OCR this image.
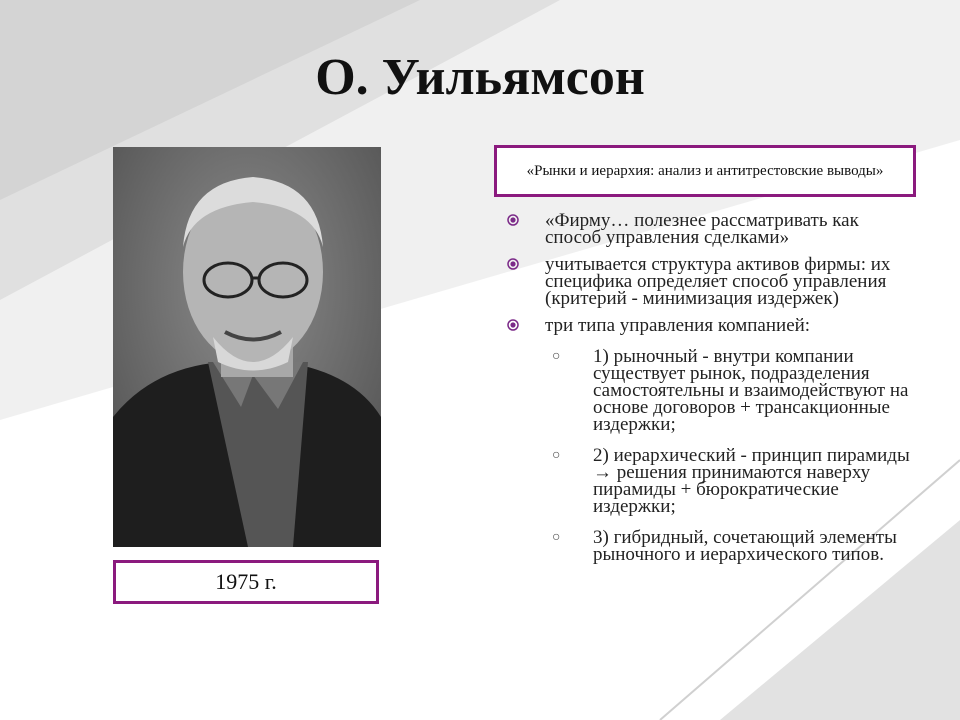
О. Уильямсон
1975 г.
«Рынки и иерархия: анализ и антитрестовские выводы»
«Фирму… полезнее рассматривать как способ управления сделками»
учитывается структура активов фирмы: их специфика определяет способ управления (критерий - минимизация издержек)
три типа управления компанией:
○ 1) рыночный - внутри компании существует рынок, подразделения самостоятельны и взаимодействуют на основе договоров + трансакционные издержки;
○ 2) иерархический - принцип пирамиды → решения принимаются наверху пирамиды + бюрократические издержки;
○ 3) гибридный, сочетающий элементы рыночного и иерархического типов.
